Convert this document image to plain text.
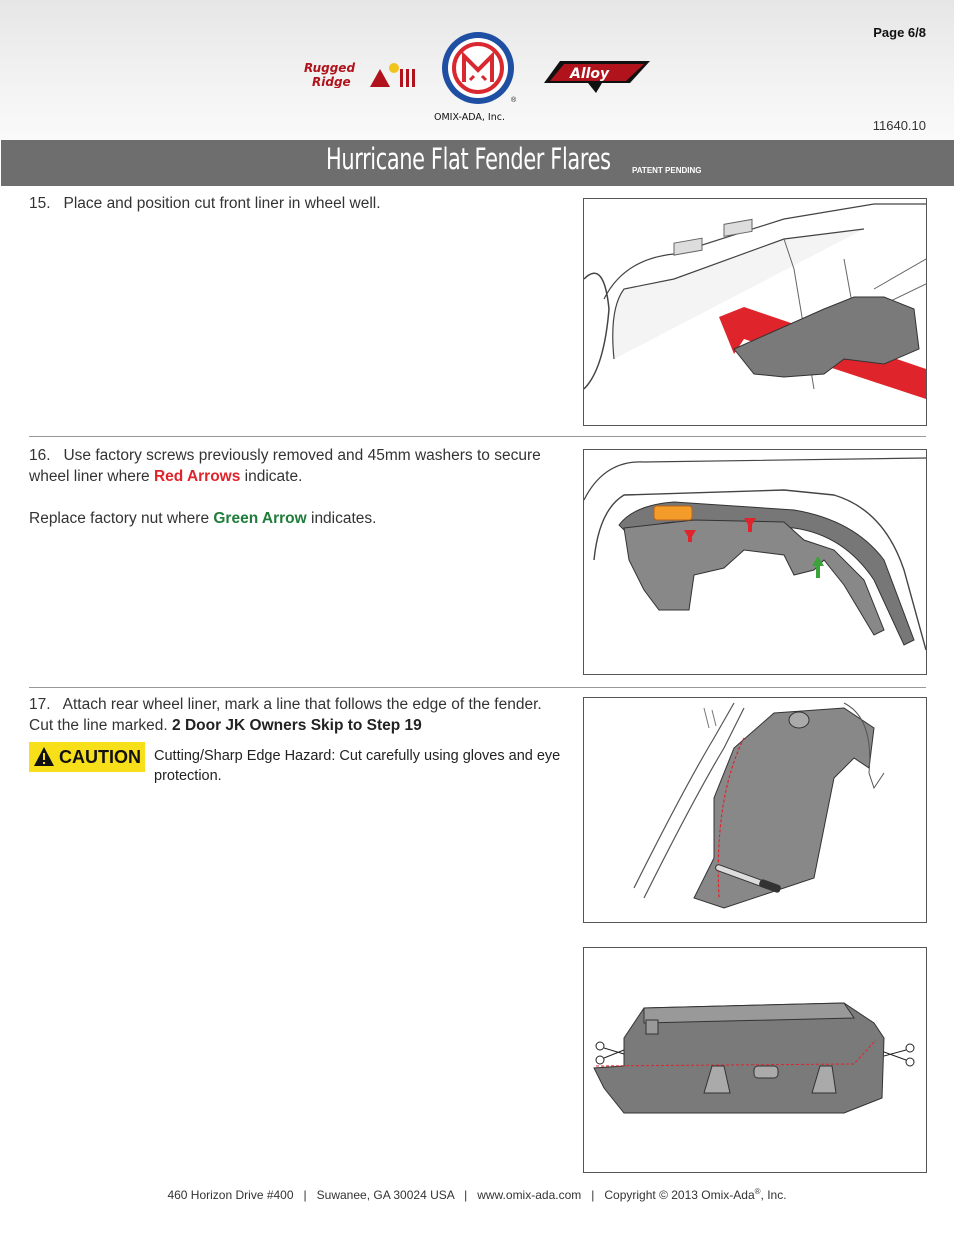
Page 6/8
11640.10
Rugged
Ridge
®
OMIX-ADA, Inc.
Alloy
Hurricane Flat Fender Flares	PATENT PENDING
15. Place and position cut front liner in wheel well.
16. Use factory screws previously removed and 45mm washers to secure wheel liner where Red Arrows indicate.
Replace factory nut where Green Arrow indicates.
17. Attach rear wheel liner, mark a line that follows the edge of the fender. Cut the line marked. 2 Door JK Owners Skip to Step 19
CAUTION Cutting/Sharp Edge Hazard: Cut carefully using gloves and eye protection.
460 Horizon Drive #400   |   Suwanee, GA 30024 USA   |   www.omix-ada.com   |   Copyright © 2013 Omix-Ada®, Inc.
